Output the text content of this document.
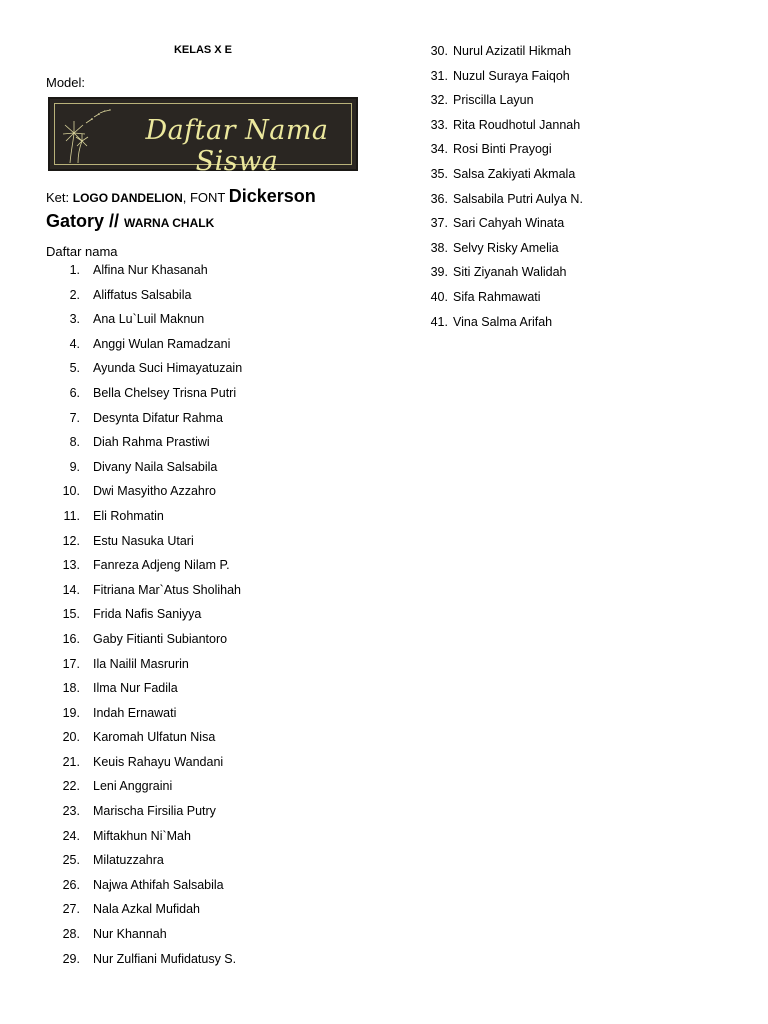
KELAS X E
Model:
Daftar Nama Siswa
Ket: LOGO DANDELION, FONT Dickerson Gatory // WARNA CHALK
Daftar nama
1. Alfina Nur Khasanah
2. Aliffatus Salsabila
3. Ana Lu`Luil Maknun
4. Anggi Wulan Ramadzani
5. Ayunda Suci Himayatuzain
6. Bella Chelsey Trisna Putri
7. Desynta Difatur Rahma
8. Diah Rahma Prastiwi
9. Divany Naila Salsabila
10. Dwi Masyitho Azzahro
11. Eli Rohmatin
12. Estu Nasuka Utari
13. Fanreza Adjeng Nilam P.
14. Fitriana Mar`Atus Sholihah
15. Frida Nafis Saniyya
16. Gaby Fitianti Subiantoro
17. Ila Nailil Masrurin
18. Ilma Nur Fadila
19. Indah Ernawati
20. Karomah Ulfatun Nisa
21. Keuis Rahayu Wandani
22. Leni Anggraini
23. Marischa Firsilia Putry
24. Miftakhun Ni`Mah
25. Milatuzzahra
26. Najwa Athifah Salsabila
27. Nala Azkal Mufidah
28. Nur Khannah
29. Nur Zulfiani Mufidatusy S.
30. Nurul Azizatil Hikmah
31. Nuzul Suraya Faiqoh
32. Priscilla Layun
33. Rita Roudhotul Jannah
34. Rosi Binti Prayogi
35. Salsa Zakiyati Akmala
36. Salsabila Putri Aulya N.
37. Sari Cahyah Winata
38. Selvy Risky Amelia
39. Siti Ziyanah Walidah
40. Sifa Rahmawati
41. Vina Salma Arifah
